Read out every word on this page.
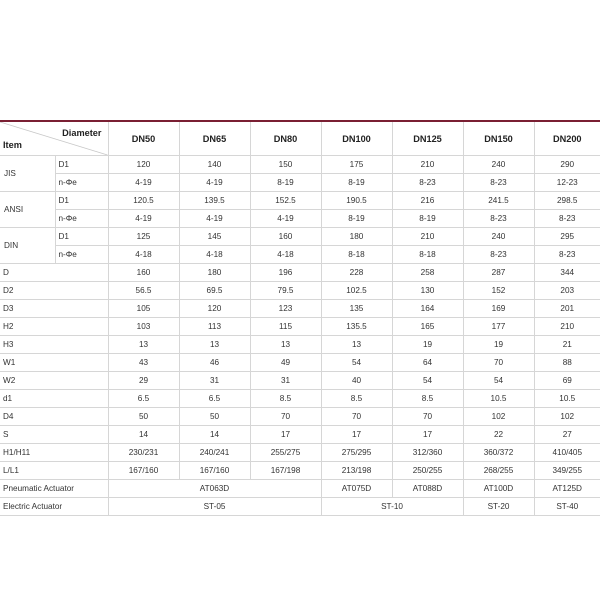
Diameter
Item		DN50	DN65	DN80	DN100	DN125	DN150	DN200
JIS	D1	120	140	150	175	210	240	290
	n-Φe	4-19	4-19	8-19	8-19	8-23	8-23	12-23
ANSI	D1	120.5	139.5	152.5	190.5	216	241.5	298.5
	n-Φe	4-19	4-19	4-19	8-19	8-19	8-23	8-23
DIN	D1	125	145	160	180	210	240	295
	n-Φe	4-18	4-18	4-18	8-18	8-18	8-23	8-23
D		160	180	196	228	258	287	344
D2		56.5	69.5	79.5	102.5	130	152	203
D3		105	120	123	135	164	169	201
H2		103	113	115	135.5	165	177	210
H3		13	13	13	13	19	19	21
W1		43	46	49	54	64	70	88
W2		29	31	31	40	54	54	69
d1		6.5	6.5	8.5	8.5	8.5	10.5	10.5
D4		50	50	70	70	70	102	102
S		14	14	17	17	17	22	27
H1/H11		230/231	240/241	255/275	275/295	312/360	360/372	410/405
L/L1		167/160	167/160	167/198	213/198	250/255	268/255	349/255
Pneumatic Actuator		AT063D			AT075D	AT088D	AT100D	AT125D
Electric Actuator		ST-05			ST-10		ST-20	ST-40
